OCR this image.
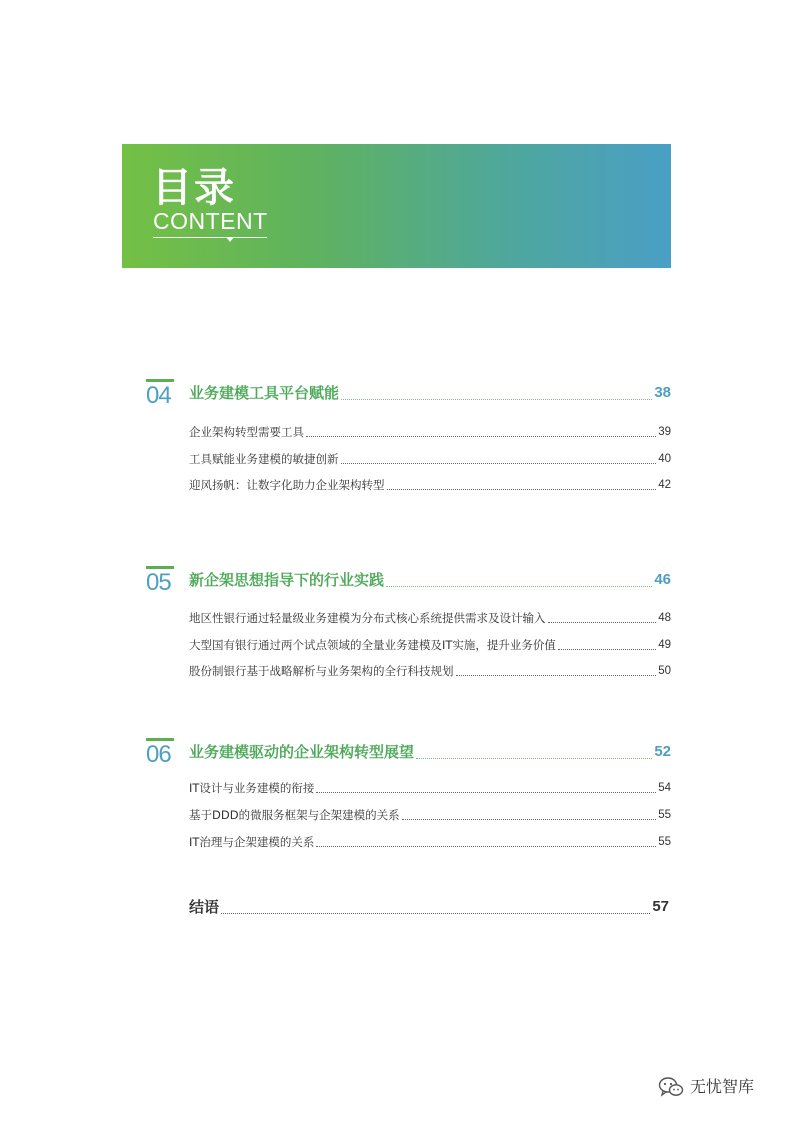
目录
CONTENT
04 业务建模工具平台赋能	38
企业架构转型需要工具	39
工具赋能业务建模的敏捷创新	40
迎风扬帆：让数字化助力企业架构转型	42
05 新企架思想指导下的行业实践	46
地区性银行通过轻量级业务建模为分布式核心系统提供需求及设计输入	48
大型国有银行通过两个试点领域的全量业务建模及IT实施，提升业务价值	49
股份制银行基于战略解析与业务架构的全行科技规划	50
06 业务建模驱动的企业架构转型展望	52
IT设计与业务建模的衔接	54
基于DDD的微服务框架与企架建模的关系	55
IT治理与企架建模的关系	55
结语	57
无忧智库
